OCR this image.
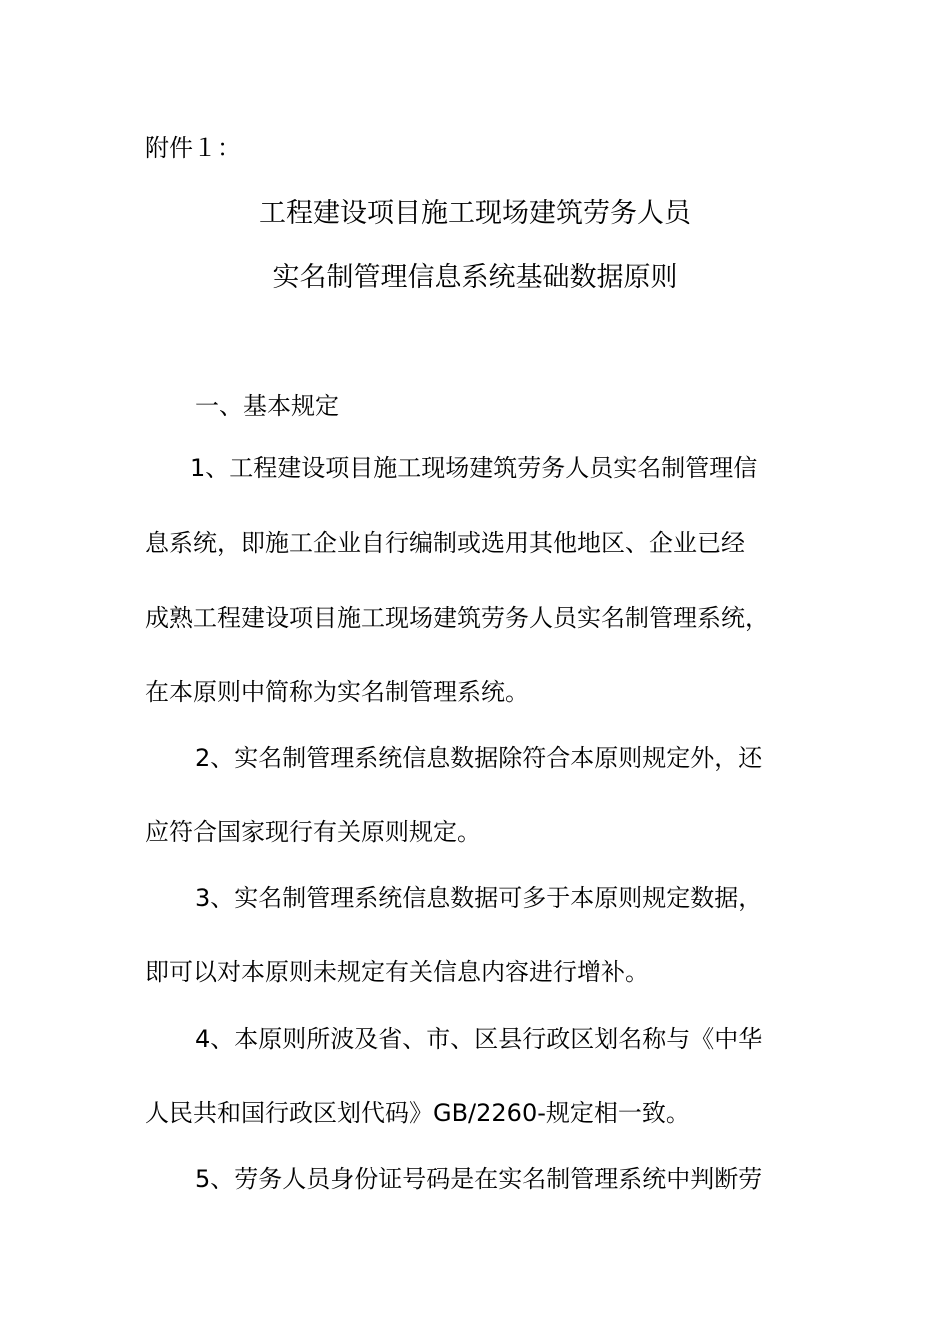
附件１：
工程建设项目施工现场建筑劳务人员
实名制管理信息系统基础数据原则
一、基本规定
1、工程建设项目施工现场建筑劳务人员实名制管理信
息系统，即施工企业自行编制或选用其他地区、企业已经
成熟工程建设项目施工现场建筑劳务人员实名制管理系统，
在本原则中简称为实名制管理系统。
2、实名制管理系统信息数据除符合本原则规定外，还
应符合国家现行有关原则规定。
3、实名制管理系统信息数据可多于本原则规定数据，
即可以对本原则未规定有关信息内容进行增补。
4、本原则所波及省、市、区县行政区划名称与《中华
人民共和国行政区划代码》GB/2260-规定相一致。
5、劳务人员身份证号码是在实名制管理系统中判断劳
